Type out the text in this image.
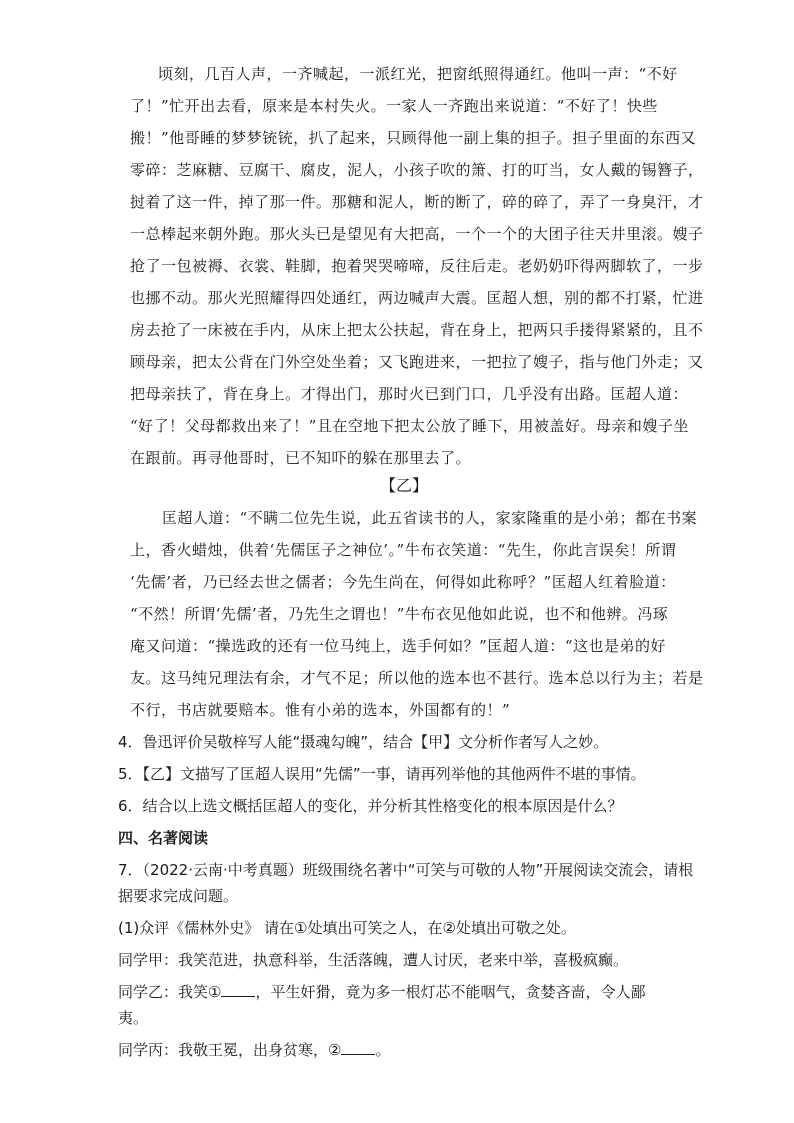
顷刻，几百人声，一齐喊起，一派红光，把窗纸照得通红。他叫一声：“不好
了！”忙开出去看，原来是本村失火。一家人一齐跑出来说道：“不好了！快些
搬！”他哥睡的梦梦铳铳，扒了起来，只顾得他一副上集的担子。担子里面的东西又
零碎：芝麻糖、豆腐干、腐皮，泥人，小孩子吹的箫、打的叮当，女人戴的锡簪子，
挝着了这一件，掉了那一件。那糖和泥人，断的断了，碎的碎了，弄了一身臭汗，才
一总棒起来朝外跑。那火头已是望见有大把高，一个一个的大团子往天井里滚。嫂子
抢了一包被褥、衣裳、鞋脚，抱着哭哭啼啼，反往后走。老奶奶吓得两脚软了，一步
也挪不动。那火光照耀得四处通红，两边喊声大震。匡超人想，别的都不打紧，忙进
房去抢了一床被在手内，从床上把太公扶起，背在身上，把两只手搂得紧紧的，且不
顾母亲，把太公背在门外空处坐着；又飞跑进来，一把拉了嫂子，指与他门外走；又
把母亲扶了，背在身上。才得出门，那时火已到门口，几乎没有出路。匡超人道：
“好了！父母都救出来了！”且在空地下把太公放了睡下，用被盖好。母亲和嫂子坐
在跟前。再寻他哥时，已不知吓的躲在那里去了。
【乙】
匡超人道：“不瞒二位先生说，此五省读书的人，家家隆重的是小弟；都在书案
上，香火蜡烛，供着‘先儒匡子之神位’。”牛布衣笑道：“先生，你此言误矣！所谓
‘先儒’者，乃已经去世之儒者；今先生尚在，何得如此称呼？”匡超人红着脸道：
“不然！所谓‘先儒’者，乃先生之谓也！”牛布衣见他如此说，也不和他辨。冯琢
庵又问道：“操选政的还有一位马纯上，选手何如？”匡超人道：“这也是弟的好
友。这马纯兄理法有余，才气不足；所以他的选本也不甚行。选本总以行为主；若是
不行，书店就要赔本。惟有小弟的选本，外国都有的！”
4．鲁迅评价吴敬梓写人能“摄魂勾魄”，结合【甲】文分析作者写人之妙。
5．【乙】文描写了匡超人误用“先儒”一事，请再列举他的其他两件不堪的事情。
6．结合以上选文概括匡超人的变化，并分析其性格变化的根本原因是什么？
四、名著阅读
7．（2022·云南·中考真题）班级围绕名著中“可笑与可敬的人物”开展阅读交流会，请根
据要求完成问题。
(1)众评《儒林外史》 请在①处填出可笑之人，在②处填出可敬之处。
同学甲：我笑范进，执意科举，生活落魄，遭人讨厌，老来中举，喜极疯癫。
同学乙：我笑① ，平生奸猾，竟为多一根灯芯不能咽气，贪婪吝啬，令人鄙
夷。
同学丙：我敬王冕，出身贫寒，② 。
